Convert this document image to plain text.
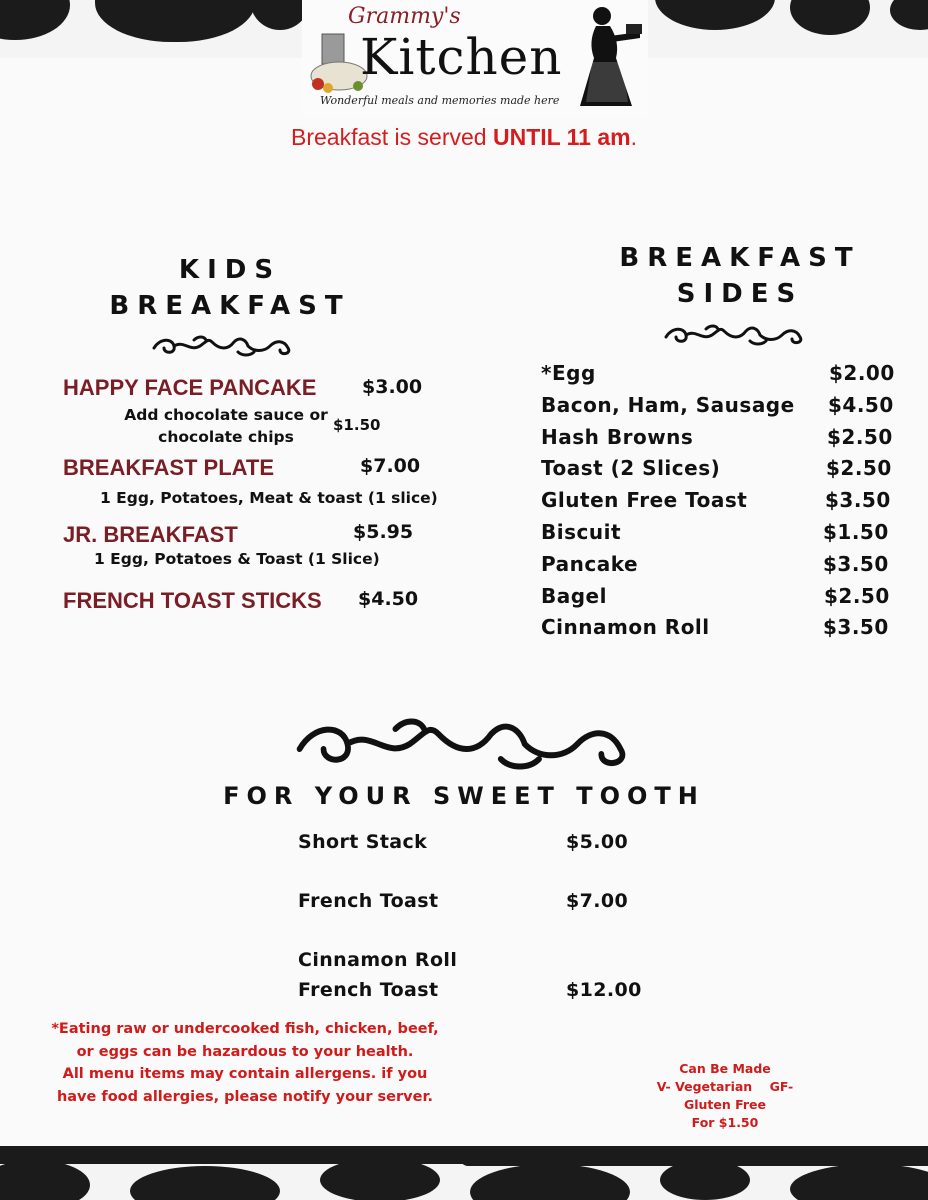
Grammy's
Kitchen
Wonderful meals and memories made here
Breakfast is served UNTIL 11 am.
KIDS
BREAKFAST
HAPPY FACE PANCAKE $3.00
Add chocolate sauce or
chocolate chips
$1.50
BREAKFAST PLATE	$7.00
1 Egg, Potatoes, Meat & toast (1 slice)
JR. BREAKFAST	$5.95
1 Egg, Potatoes & Toast (1 Slice)
FRENCH TOAST STICKS $4.50
BREAKFAST
SIDES
*Egg	$2.00
Bacon, Ham, Sausage $4.50
Hash Browns	$2.50
Toast (2 Slices)	$2.50
Gluten Free Toast	$3.50
Biscuit	$1.50
Pancake	$3.50
Bagel	$2.50
Cinnamon Roll	$3.50
FOR YOUR SWEET TOOTH
Short Stack	$5.00
French Toast	$7.00
Cinnamon Roll
French Toast	$12.00
*Eating raw or undercooked fish, chicken, beef,
or eggs can be hazardous to your health.
All menu items may contain allergens. if you
have food allergies, please notify your server.
Can Be Made
V- Vegetarian    GF-
Gluten Free
For $1.50
